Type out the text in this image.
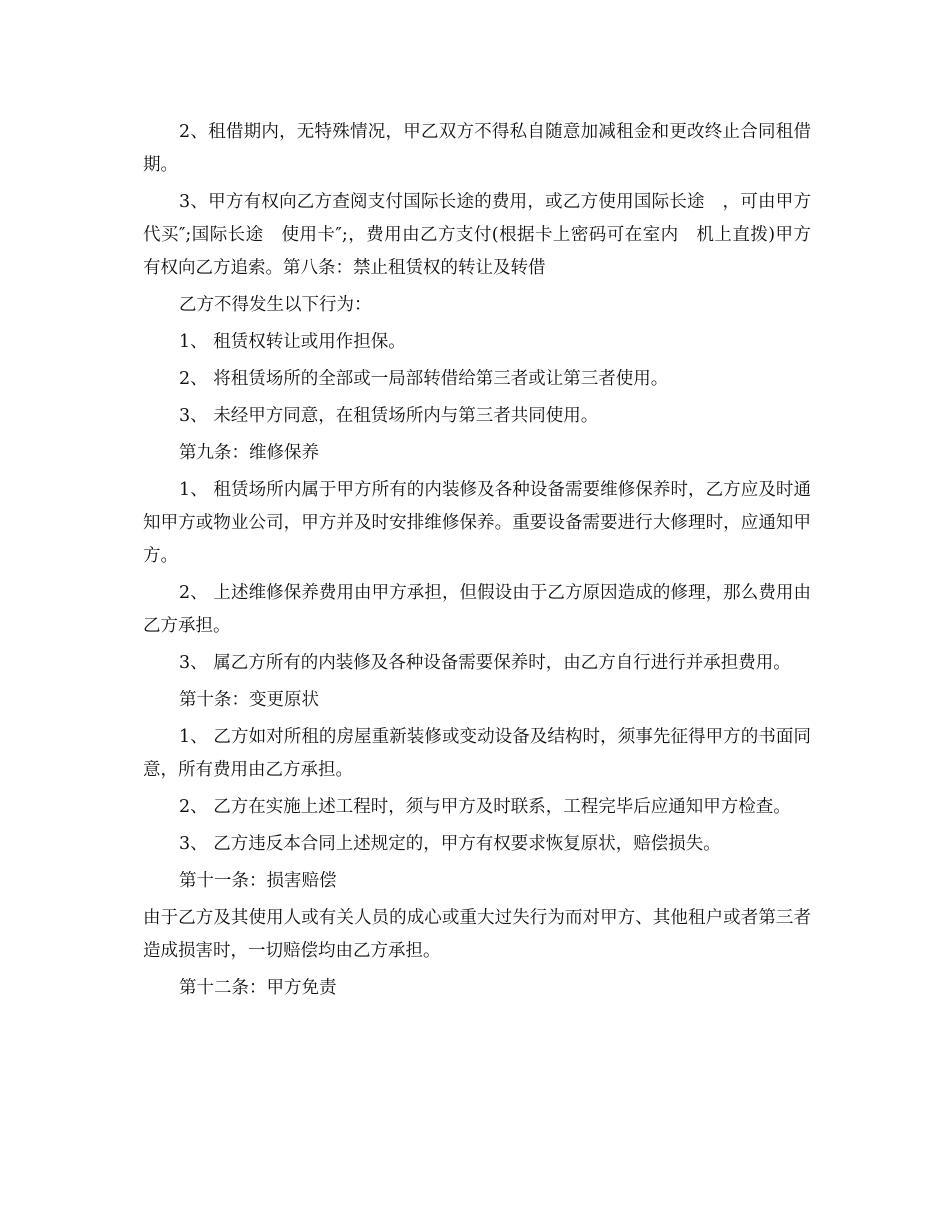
2、租借期内，无特殊情况，甲乙双方不得私自随意加减租金和更改终止合同租借期。

3、甲方有权向乙方查阅支付国际长途的费用，或乙方使用国际长途　，可由甲方代买″;国际长途　使用卡″;，费用由乙方支付(根据卡上密码可在室内　机上直拨)甲方有权向乙方追索。第八条：禁止租赁权的转让及转借

乙方不得发生以下行为：

1、 租赁权转让或用作担保。

2、 将租赁场所的全部或一局部转借给第三者或让第三者使用。

3、 未经甲方同意，在租赁场所内与第三者共同使用。

第九条：维修保养

1、 租赁场所内属于甲方所有的内装修及各种设备需要维修保养时，乙方应及时通知甲方或物业公司，甲方并及时安排维修保养。重要设备需要进行大修理时，应通知甲方。

2、 上述维修保养费用由甲方承担，但假设由于乙方原因造成的修理，那么费用由乙方承担。

3、 属乙方所有的内装修及各种设备需要保养时，由乙方自行进行并承担费用。

第十条：变更原状

1、 乙方如对所租的房屋重新装修或变动设备及结构时，须事先征得甲方的书面同意，所有费用由乙方承担。

2、 乙方在实施上述工程时，须与甲方及时联系，工程完毕后应通知甲方检查。

3、 乙方违反本合同上述规定的，甲方有权要求恢复原状，赔偿损失。

第十一条：损害赔偿

由于乙方及其使用人或有关人员的成心或重大过失行为而对甲方、其他租户或者第三者造成损害时，一切赔偿均由乙方承担。

第十二条：甲方免责
